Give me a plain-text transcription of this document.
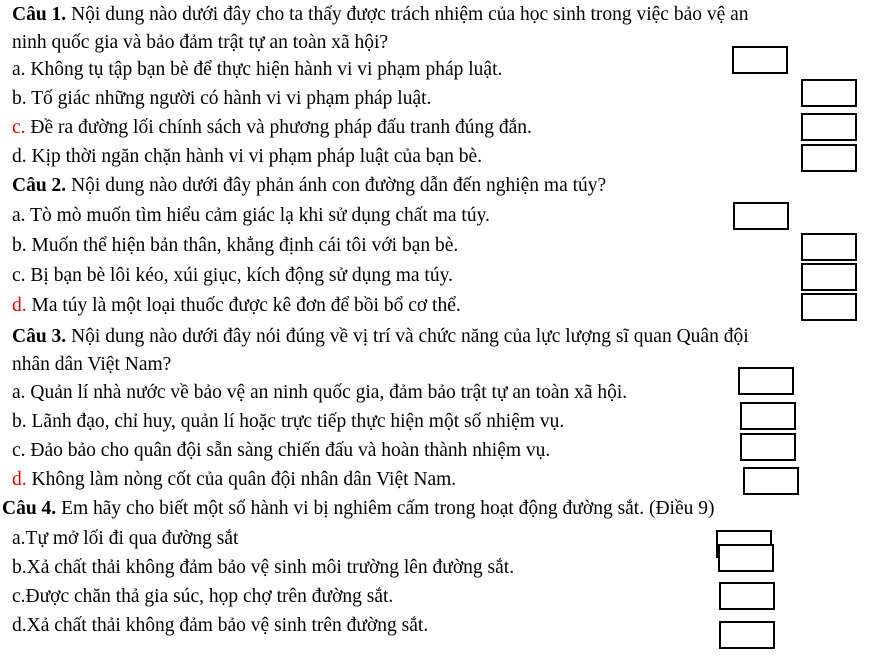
Câu 1. Nội dung nào dưới đây cho ta thấy được trách nhiệm của học sinh trong việc bảo vệ an
ninh quốc gia và bảo đảm trật tự an toàn xã hội?
a. Không tụ tập bạn bè để thực hiện hành vi vi phạm pháp luật.
b. Tố giác những người có hành vi vi phạm pháp luật.
c. Đề ra đường lối chính sách và phương pháp đấu tranh đúng đắn.
d. Kịp thời ngăn chặn hành vi vi phạm pháp luật của bạn bè.
Câu 2. Nội dung nào dưới đây phản ánh con đường dẫn đến nghiện ma túy?
a. Tò mò muốn tìm hiểu cảm giác lạ khi sử dụng chất ma túy.
b. Muốn thể hiện bản thân, khẳng định cái tôi với bạn bè.
c. Bị bạn bè lôi kéo, xúi giục, kích động sử dụng ma túy.
d. Ma túy là một loại thuốc được kê đơn để bồi bổ cơ thể.
Câu 3. Nội dung nào dưới đây nói đúng về vị trí và chức năng của lực lượng sĩ quan Quân đội
nhân dân Việt Nam?
a. Quản lí nhà nước về bảo vệ an ninh quốc gia, đảm bảo trật tự an toàn xã hội.
b. Lãnh đạo, chỉ huy, quản lí hoặc trực tiếp thực hiện một số nhiệm vụ.
c. Đảo bảo cho quân đội sẵn sàng chiến đấu và hoàn thành nhiệm vụ.
d. Không làm nòng cốt của quân đội nhân dân Việt Nam.
Câu 4. Em hãy cho biết một số hành vi bị nghiêm cấm trong hoạt động đường sắt. (Điều 9)
a.Tự mở lối đi qua đường sắt
b.Xả chất thải không đảm bảo vệ sinh môi trường lên đường sắt.
c.Được chăn thả gia súc, họp chợ trên đường sắt.
d.Xả chất thải không đảm bảo vệ sinh trên đường sắt.
